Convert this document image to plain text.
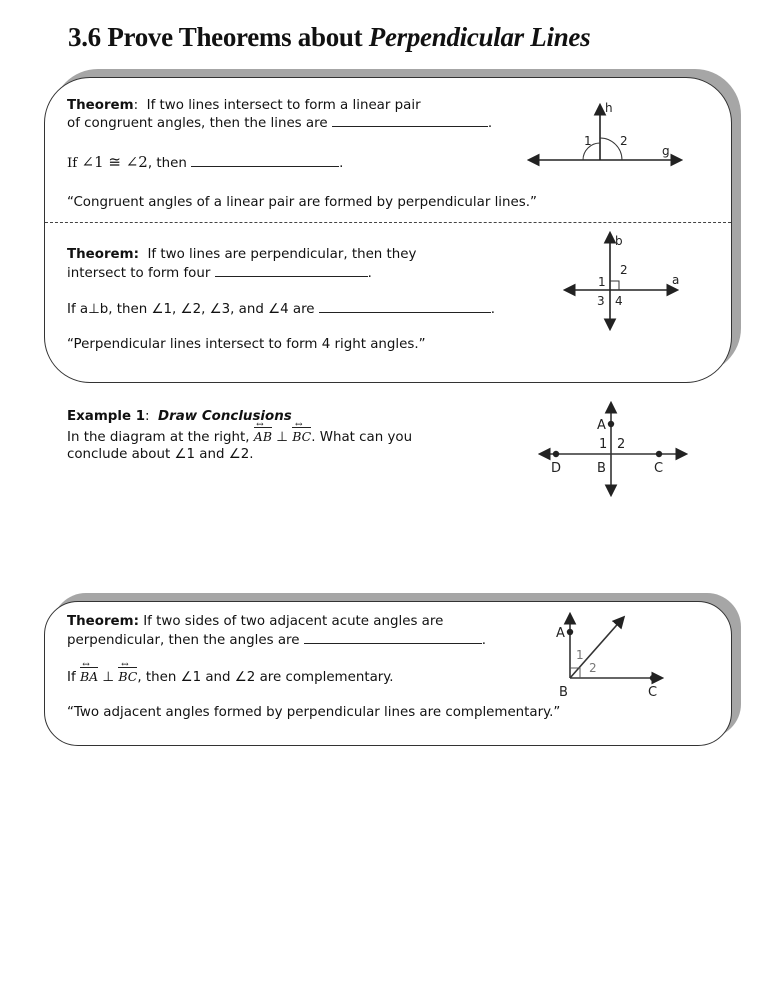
3.6 Prove Theorems about Perpendicular Lines
Theorem: If two lines intersect to form a linear pair
of congruent angles, then the lines are	.
If ∠1 ≅ ∠2, then	.
“Congruent angles of a linear pair are formed by perpendicular lines.”
h
1 2
g
Theorem: If two lines are perpendicular, then they
intersect to form four	.
If a⊥b, then ∠1, ∠2, ∠3, and ∠4 are	.
“Perpendicular lines intersect to form 4 right angles.”
b
1
2
3 4
a
Example 1: Draw Conclusions
In the diagram at the right, AB ↔ ⊥ BC ↔. What can you
conclude about ∠1 and ∠2.
A
1 2
D	B	C
Theorem: If two sides of two adjacent acute angles are
perpendicular, then the angles are	.
If BA ↔ ⊥ BC ↔, then ∠1 and ∠2 are complementary.
“Two adjacent angles formed by perpendicular lines are complementary.”
A
1
2
B	C
